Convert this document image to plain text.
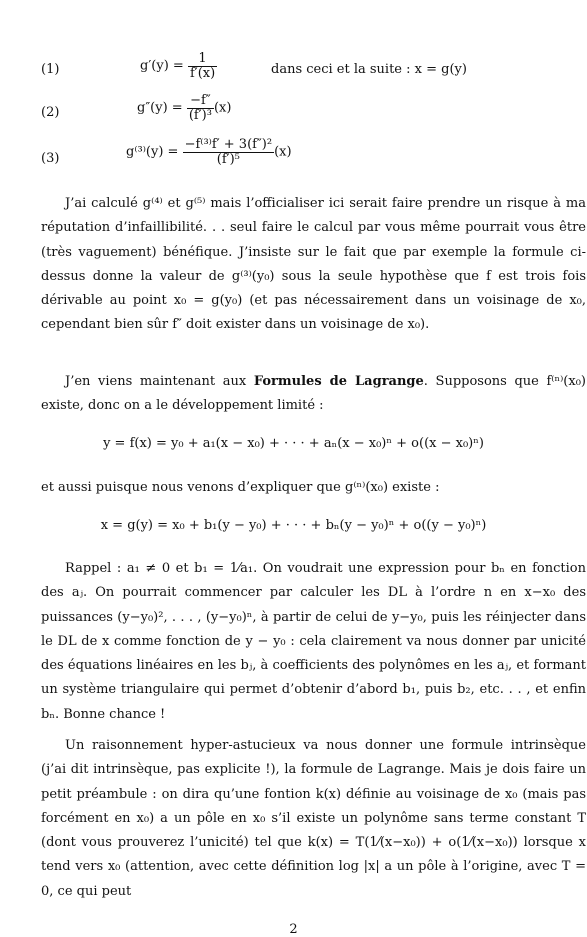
(1)	$g'(y) = \frac{1}{f'(x)}$	dans ceci et la suite : x = g(y)
(2)	$g''(y) = \frac{-f''}{\text{(f′)³}} (x)$
(3)	$g^{(3)}(y) = \frac{\text{−f⁽³⁾f′ + 3(f″)²}}{\text{(f′)⁵}} (x)$

J’ai calculé g⁽⁴⁾ et g⁽⁵⁾ mais l’officialiser ici serait faire prendre un risque à ma réputation d’infaillibilité. . . seul faire le calcul par vous même pourrait vous être (très vaguement) bénéfique. J’insiste sur le fait que par exemple la formule ci-dessus donne la valeur de g⁽³⁾(y₀) sous la seule hypothèse que f est trois fois dérivable au point x₀ = g(y₀) (et pas nécessairement dans un voisinage de x₀, cependant bien sûr f″ doit exister dans un voisinage de x₀).

J’en viens maintenant aux Formules de Lagrange. Supposons que f⁽ⁿ⁾(x₀) existe, donc on a le développement limité :

y = f(x) = y₀ + a₁(x − x₀) + · · · + aₙ(x − x₀)ⁿ + o((x − x₀)ⁿ)

et aussi puisque nous venons d’expliquer que g⁽ⁿ⁾(x₀) existe :

x = g(y) = x₀ + b₁(y − y₀) + · · · + bₙ(y − y₀)ⁿ + o((y − y₀)ⁿ)

Rappel : a₁ ≠ 0 et b₁ = 1⁄a₁. On voudrait une expression pour bₙ en fonction des aⱼ. On pourrait commencer par calculer les DL à l’ordre n en x−x₀ des puissances (y−y₀)², . . . , (y−y₀)ⁿ, à partir de celui de y−y₀, puis les réinjecter dans le DL de x comme fonction de y − y₀ : cela clairement va nous donner par unicité des équations linéaires en les bⱼ, à coefficients des polynômes en les aⱼ, et formant un système triangulaire qui permet d’obtenir d’abord b₁, puis b₂, etc. . . , et enfin bₙ. Bonne chance !

Un raisonnement hyper-astucieux va nous donner une formule intrinsèque (j’ai dit intrinsèque, pas explicite !), la formule de Lagrange. Mais je dois faire un petit préambule : on dira qu’une fontion k(x) définie au voisinage de x₀ (mais pas forcément en x₀) a un pôle en x₀ s’il existe un polynôme sans terme constant T (dont vous prouverez l’unicité) tel que k(x) = T(1⁄(x−x₀)) + o(1⁄(x−x₀)) lorsque x tend vers x₀ (attention, avec cette définition log |x| a un pôle à l’origine, avec T = 0, ce qui peut

2
